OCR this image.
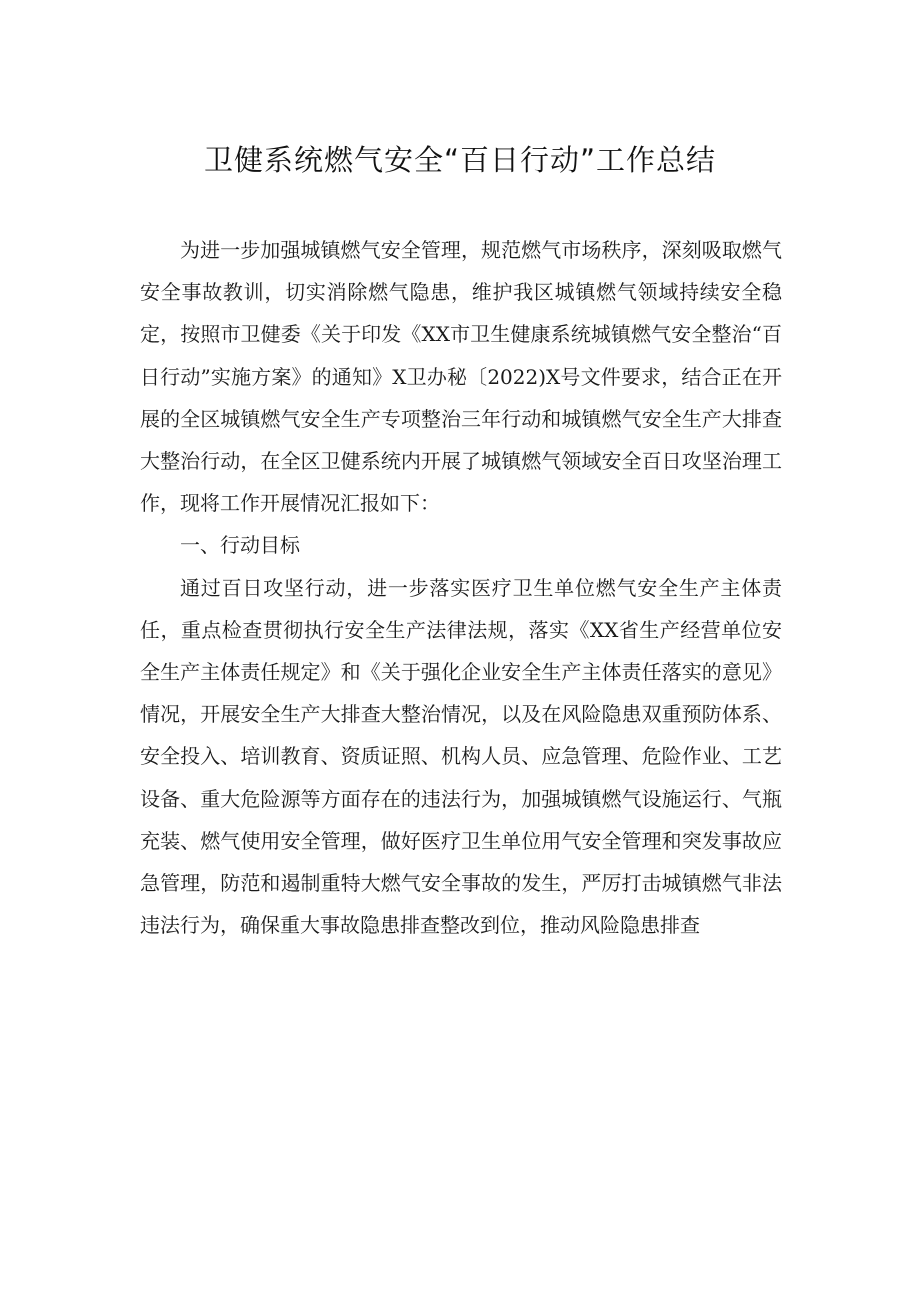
卫健系统燃气安全“百日行动”工作总结

为进一步加强城镇燃气安全管理，规范燃气市场秩序，深刻吸取燃气安全事故教训，切实消除燃气隐患，维护我区城镇燃气领域持续安全稳定，按照市卫健委《关于印发《XX市卫生健康系统城镇燃气安全整治“百日行动”实施方案》的通知》X卫办秘〔2022)X号文件要求，结合正在开展的全区城镇燃气安全生产专项整治三年行动和城镇燃气安全生产大排查大整治行动，在全区卫健系统内开展了城镇燃气领域安全百日攻坚治理工作，现将工作开展情况汇报如下：

一、行动目标

通过百日攻坚行动，进一步落实医疗卫生单位燃气安全生产主体责任，重点检查贯彻执行安全生产法律法规，落实《XX省生产经营单位安全生产主体责任规定》和《关于强化企业安全生产主体责任落实的意见》情况，开展安全生产大排查大整治情况，以及在风险隐患双重预防体系、安全投入、培训教育、资质证照、机构人员、应急管理、危险作业、工艺设备、重大危险源等方面存在的违法行为，加强城镇燃气设施运行、气瓶充装、燃气使用安全管理，做好医疗卫生单位用气安全管理和突发事故应急管理，防范和遏制重特大燃气安全事故的发生，严厉打击城镇燃气非法违法行为，确保重大事故隐患排查整改到位，推动风险隐患排查
